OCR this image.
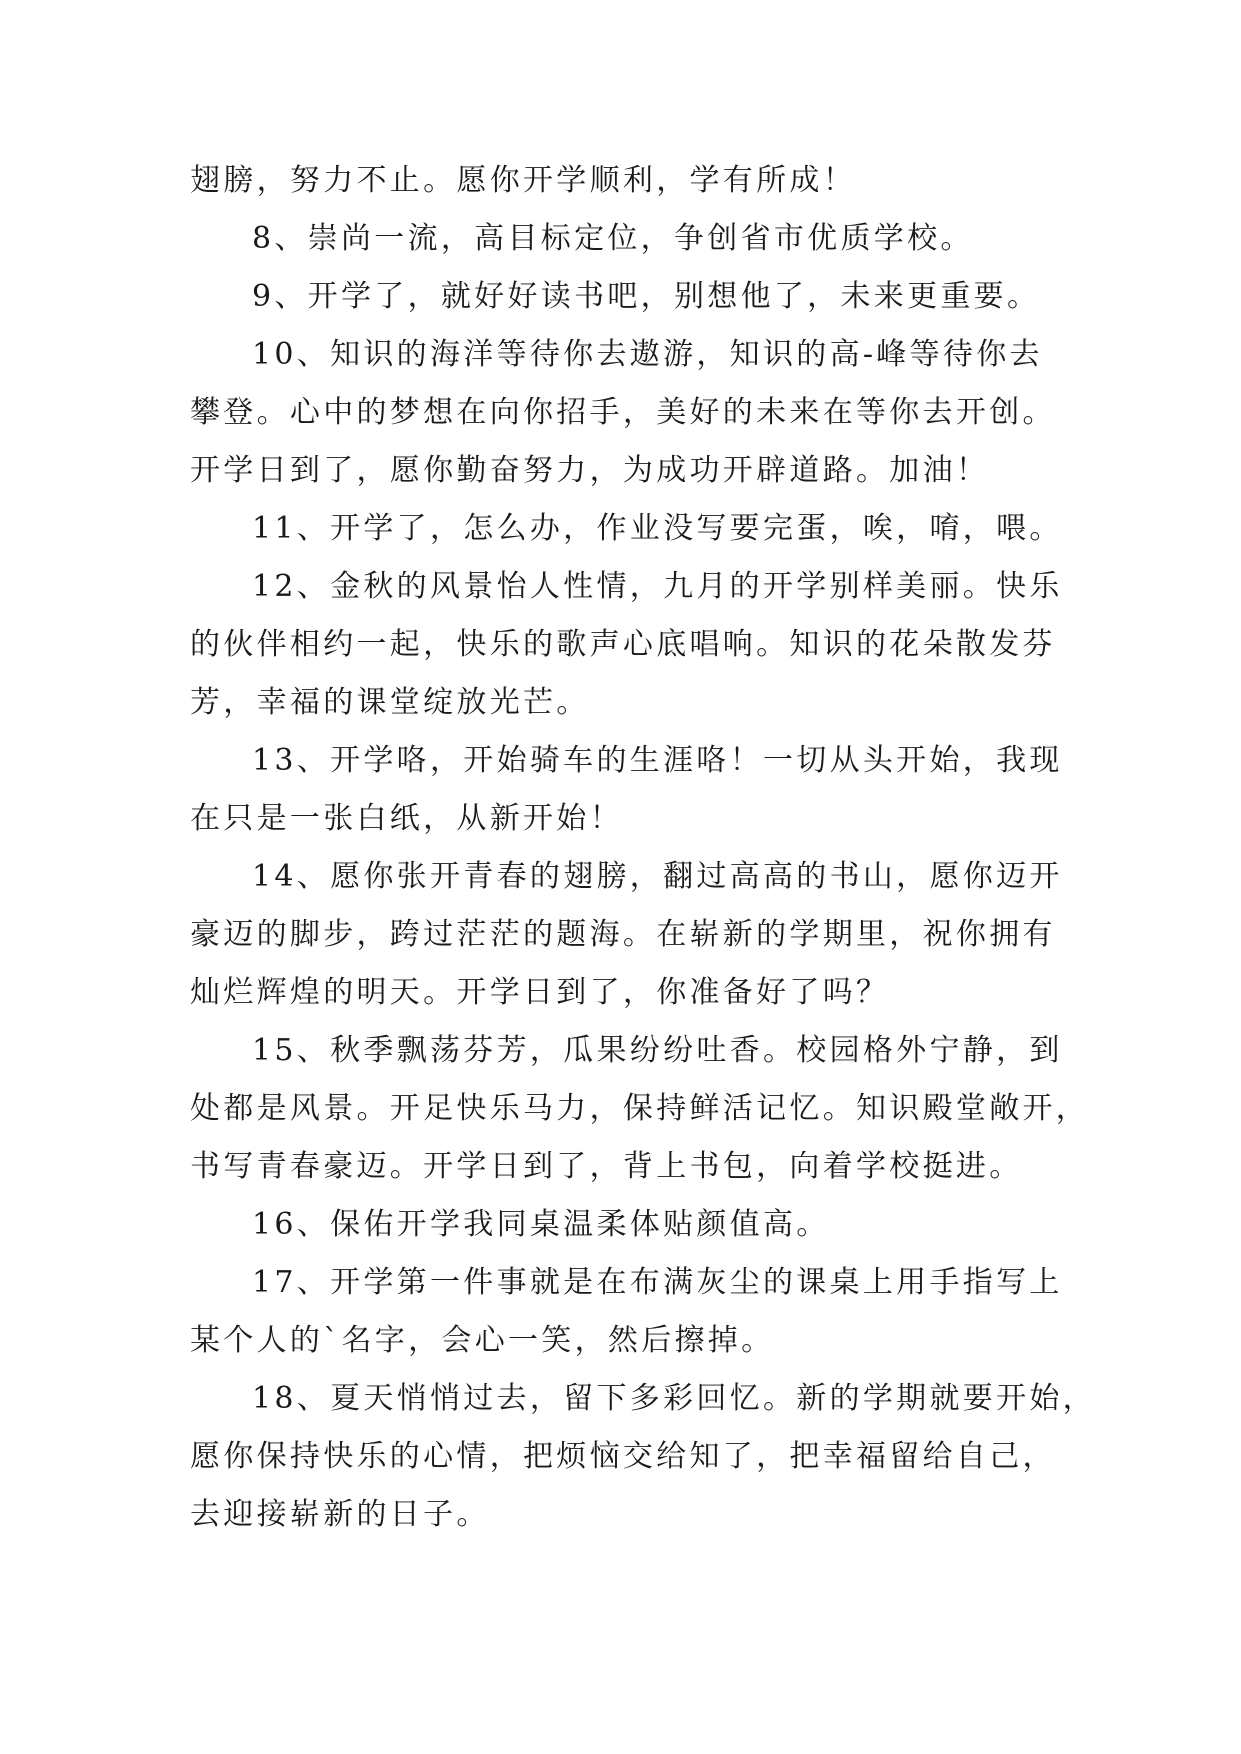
翅膀，努力不止。愿你开学顺利，学有所成！
8、崇尚一流，高目标定位，争创省市优质学校。
9、开学了，就好好读书吧，别想他了，未来更重要。
10、知识的海洋等待你去遨游，知识的高-峰等待你去
攀登。心中的梦想在向你招手，美好的未来在等你去开创。
开学日到了，愿你勤奋努力，为成功开辟道路。加油！
11、开学了，怎么办，作业没写要完蛋，唉，唷，喂。
12、金秋的风景怡人性情，九月的开学别样美丽。快乐
的伙伴相约一起，快乐的歌声心底唱响。知识的花朵散发芬
芳，幸福的课堂绽放光芒。
13、开学咯，开始骑车的生涯咯！一切从头开始，我现
在只是一张白纸，从新开始！
14、愿你张开青春的翅膀，翻过高高的书山，愿你迈开
豪迈的脚步，跨过茫茫的题海。在崭新的学期里，祝你拥有
灿烂辉煌的明天。开学日到了，你准备好了吗？
15、秋季飘荡芬芳，瓜果纷纷吐香。校园格外宁静，到
处都是风景。开足快乐马力，保持鲜活记忆。知识殿堂敞开，
书写青春豪迈。开学日到了，背上书包，向着学校挺进。
16、保佑开学我同桌温柔体贴颜值高。
17、开学第一件事就是在布满灰尘的课桌上用手指写上
某个人的`名字，会心一笑，然后擦掉。
18、夏天悄悄过去，留下多彩回忆。新的学期就要开始，
愿你保持快乐的心情，把烦恼交给知了，把幸福留给自己，
去迎接崭新的日子。
